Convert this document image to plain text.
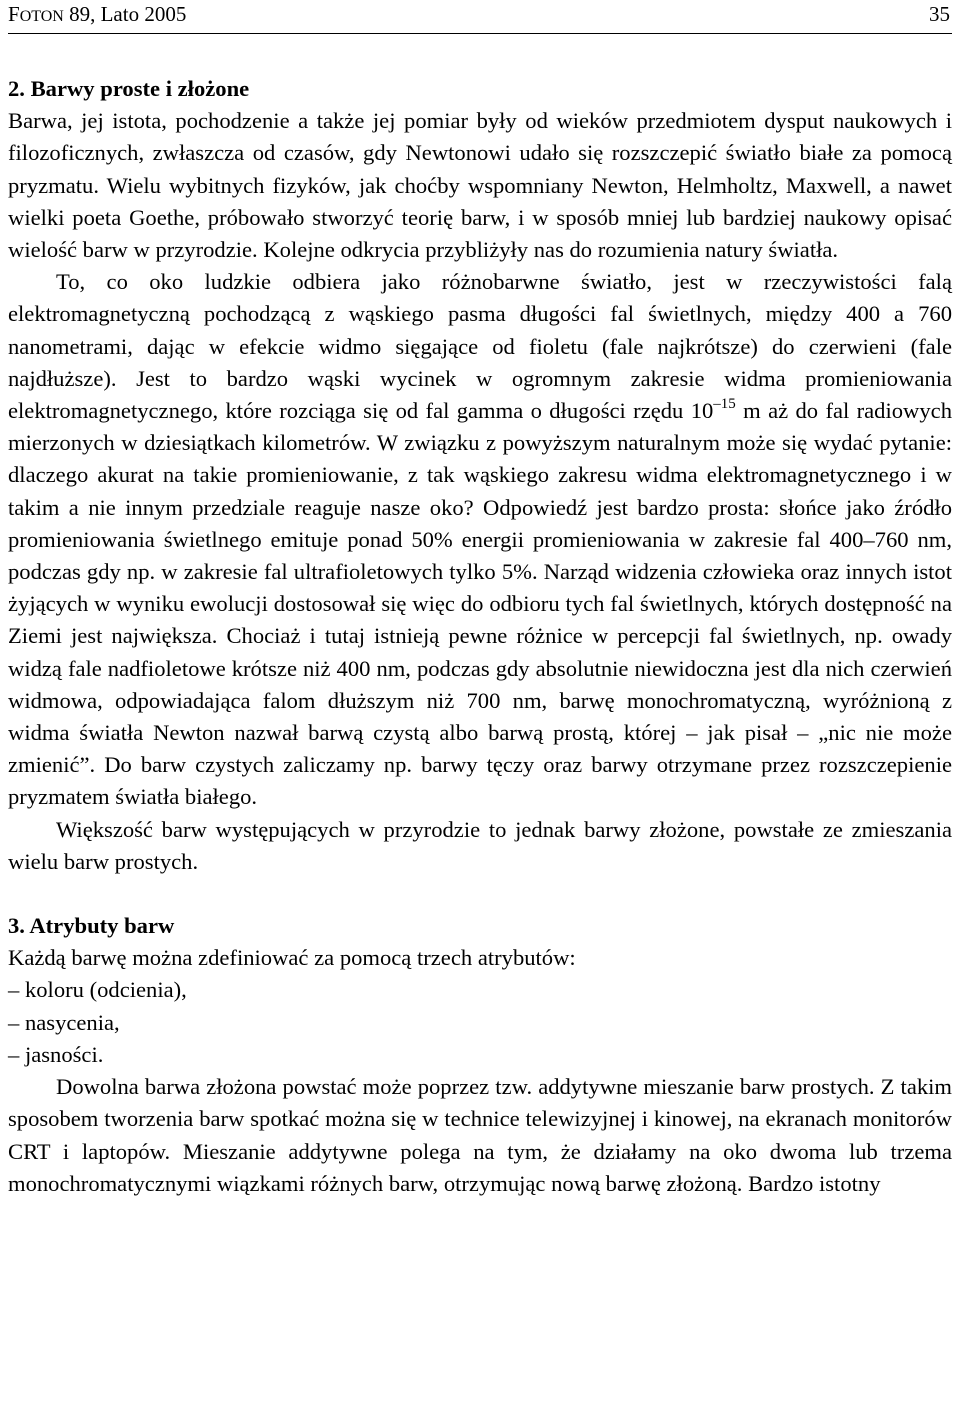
FOTON 89, Lato 2005	35
2. Barwy proste i złożone

Barwa, jej istota, pochodzenie a także jej pomiar były od wieków przedmiotem dysput naukowych i filozoficznych, zwłaszcza od czasów, gdy Newtonowi udało się rozszczepić światło białe za pomocą pryzmatu. Wielu wybitnych fizyków, jak choćby wspomniany Newton, Helmholtz, Maxwell, a nawet wielki poeta Goethe, próbowało stworzyć teorię barw, i w sposób mniej lub bardziej naukowy opisać wielość barw w przyrodzie. Kolejne odkrycia przybliżyły nas do rozumienia natury światła.

To, co oko ludzkie odbiera jako różnobarwne światło, jest w rzeczywistości falą elektromagnetyczną pochodzącą z wąskiego pasma długości fal świetlnych, między 400 a 760 nanometrami, dając w efekcie widmo sięgające od fioletu (fale najkrótsze) do czerwieni (fale najdłuższe). Jest to bardzo wąski wycinek w ogromnym zakresie widma promieniowania elektromagnetycznego, które rozciąga się od fal gamma o długości rzędu $10^{-15}$ m aż do fal radiowych mierzonych w dziesiątkach kilometrów. W związku z powyższym naturalnym może się wydać pytanie: dlaczego akurat na takie promieniowanie, z tak wąskiego zakresu widma elektromagnetycznego i w takim a nie innym przedziale reaguje nasze oko? Odpowiedź jest bardzo prosta: słońce jako źródło promieniowania świetlnego emituje ponad 50% energii promieniowania w zakresie fal 400–760 nm, podczas gdy np. w zakresie fal ultrafioletowych tylko 5%. Narząd widzenia człowieka oraz innych istot żyjących w wyniku ewolucji dostosował się więc do odbioru tych fal świetlnych, których dostępność na Ziemi jest największa. Chociaż i tutaj istnieją pewne różnice w percepcji fal świetlnych, np. owady widzą fale nadfioletowe krótsze niż 400 nm, podczas gdy absolutnie niewidoczna jest dla nich czerwień widmowa, odpowiadająca falom dłuższym niż 700 nm, barwę monochromatyczną, wyróżnioną z widma światła Newton nazwał barwą czystą albo barwą prostą, której – jak pisał – „nic nie może zmienić”. Do barw czystych zaliczamy np. barwy tęczy oraz barwy otrzymane przez rozszczepienie pryzmatem światła białego.

Większość barw występujących w przyrodzie to jednak barwy złożone, powstałe ze zmieszania wielu barw prostych.

3. Atrybuty barw

Każdą barwę można zdefiniować za pomocą trzech atrybutów:

– koloru (odcienia),
– nasycenia,
– jasności.

Dowolna barwa złożona powstać może poprzez tzw. addytywne mieszanie barw prostych. Z takim sposobem tworzenia barw spotkać można się w technice telewizyjnej i kinowej, na ekranach monitorów CRT i laptopów. Mieszanie addytywne polega na tym, że działamy na oko dwoma lub trzema monochromatycznymi wiązkami różnych barw, otrzymując nową barwę złożoną. Bardzo istotny
